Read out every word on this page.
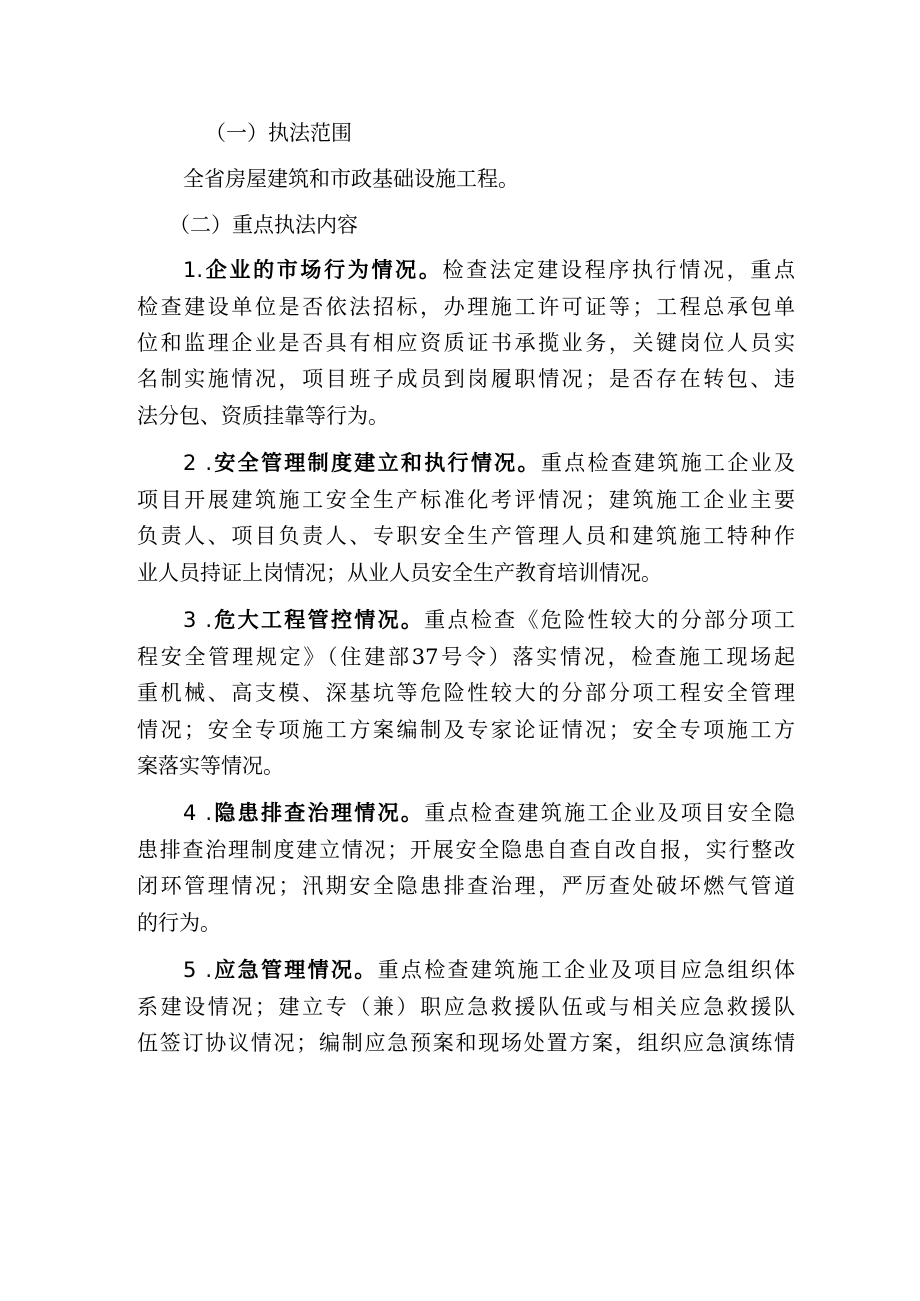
（一）执法范围
全省房屋建筑和市政基础设施工程。
（二）重点执法内容
1.企业的市场行为情况。检查法定建设程序执行情况，重点
检查建设单位是否依法招标，办理施工许可证等；工程总承包单
位和监理企业是否具有相应资质证书承揽业务，关键岗位人员实
名制实施情况，项目班子成员到岗履职情况；是否存在转包、违
法分包、资质挂靠等行为。
2 .安全管理制度建立和执行情况。重点检查建筑施工企业及
项目开展建筑施工安全生产标准化考评情况；建筑施工企业主要
负责人、项目负责人、专职安全生产管理人员和建筑施工特种作
业人员持证上岗情况；从业人员安全生产教育培训情况。
3 .危大工程管控情况。重点检查《危险性较大的分部分项工
程安全管理规定》（住建部37号令）落实情况，检查施工现场起
重机械、高支模、深基坑等危险性较大的分部分项工程安全管理
情况；安全专项施工方案编制及专家论证情况；安全专项施工方
案落实等情况。
4 .隐患排查治理情况。重点检查建筑施工企业及项目安全隐
患排查治理制度建立情况；开展安全隐患自查自改自报，实行整改
闭环管理情况；汛期安全隐患排查治理，严厉查处破坏燃气管道
的行为。
5 .应急管理情况。重点检查建筑施工企业及项目应急组织体
系建设情况；建立专（兼）职应急救援队伍或与相关应急救援队
伍签订协议情况；编制应急预案和现场处置方案，组织应急演练情
